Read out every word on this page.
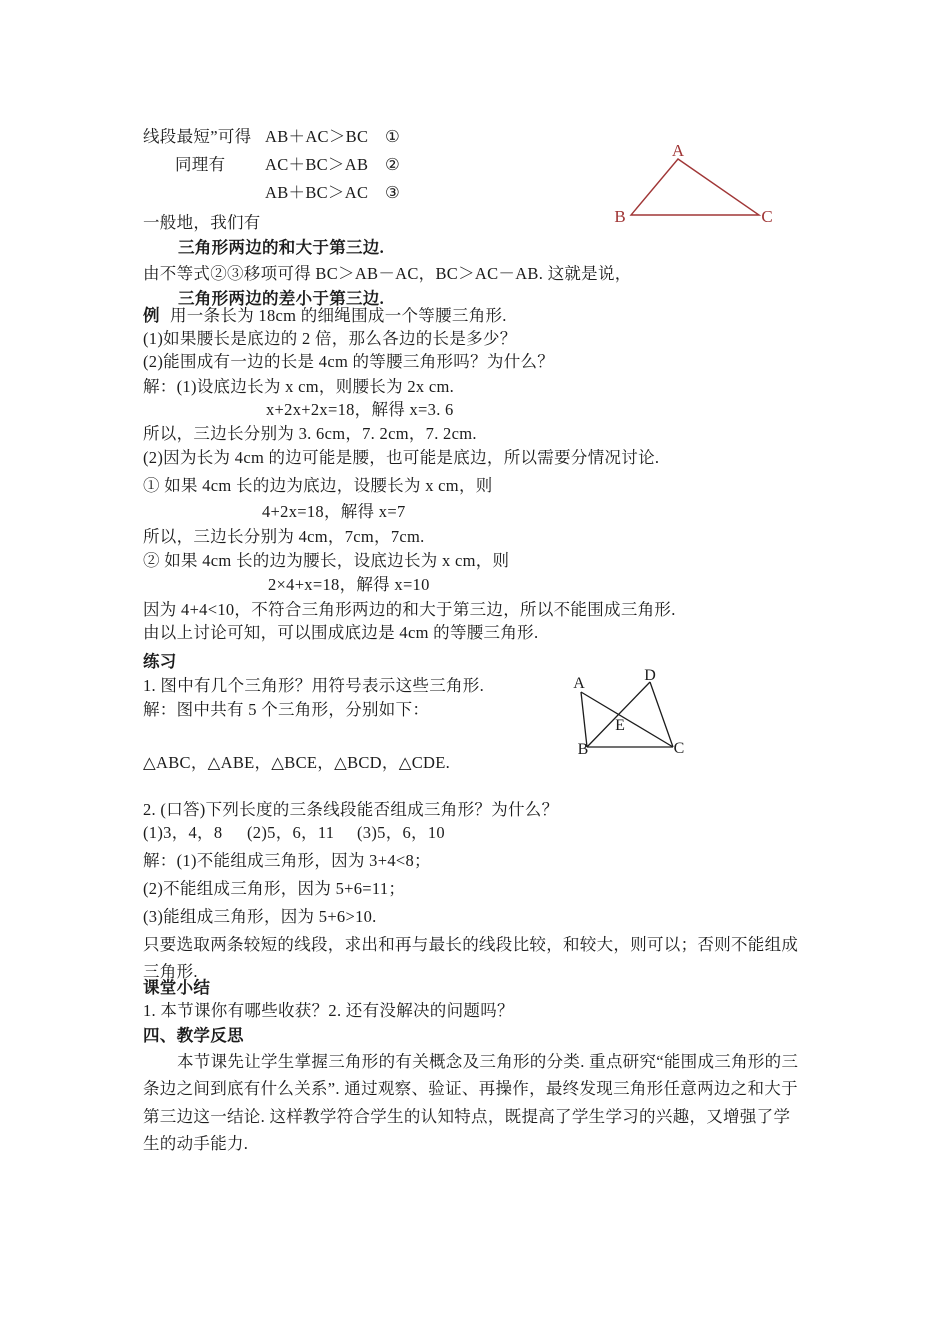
线段最短”可得 AB＋AC＞BC ①
同理有 AC＋BC＞AB ②
AB＋BC＞AC ③
一般地，我们有
三角形两边的和大于第三边.
由不等式②③移项可得 BC＞AB－AC，BC＞AC－AB. 这就是说，
三角形两边的差小于第三边.
例 用一条长为 18cm 的细绳围成一个等腰三角形.
(1)如果腰长是底边的 2 倍，那么各边的长是多少？
(2)能围成有一边的长是 4cm 的等腰三角形吗？为什么？
解：(1)设底边长为 x cm，则腰长为 2x cm.
x+2x+2x=18，解得 x=3. 6
所以，三边长分别为 3. 6cm，7. 2cm，7. 2cm.
(2)因为长为 4cm 的边可能是腰，也可能是底边，所以需要分情况讨论.
① 如果 4cm 长的边为底边，设腰长为 x cm，则
4+2x=18，解得 x=7
所以，三边长分别为 4cm，7cm，7cm.
② 如果 4cm 长的边为腰长，设底边长为 x cm，则
2×4+x=18，解得 x=10
因为 4+4<10，不符合三角形两边的和大于第三边，所以不能围成三角形.
由以上讨论可知，可以围成底边是 4cm 的等腰三角形.
练习
1. 图中有几个三角形？用符号表示这些三角形.
解：图中共有 5 个三角形，分别如下：
△ABC，△ABE，△BCE，△BCD，△CDE.
2. (口答)下列长度的三条线段能否组成三角形？为什么？
(1)3，4，8 (2)5，6，11 (3)5，6，10
解：(1)不能组成三角形，因为 3+4<8；
(2)不能组成三角形，因为 5+6=11；
(3)能组成三角形，因为 5+6>10.
只要选取两条较短的线段，求出和再与最长的线段比较，和较大，则可以；否则不能组成
三角形.
课堂小结
1. 本节课你有哪些收获？2. 还有没解决的问题吗？
四、教学反思
本节课先让学生掌握三角形的有关概念及三角形的分类. 重点研究“能围成三角形的三
条边之间到底有什么关系”. 通过观察、验证、再操作，最终发现三角形任意两边之和大于
第三边这一结论. 这样教学符合学生的认知特点，既提高了学生学习的兴趣，又增强了学
生的动手能力.
A
B	C
A	D
B	C
E
